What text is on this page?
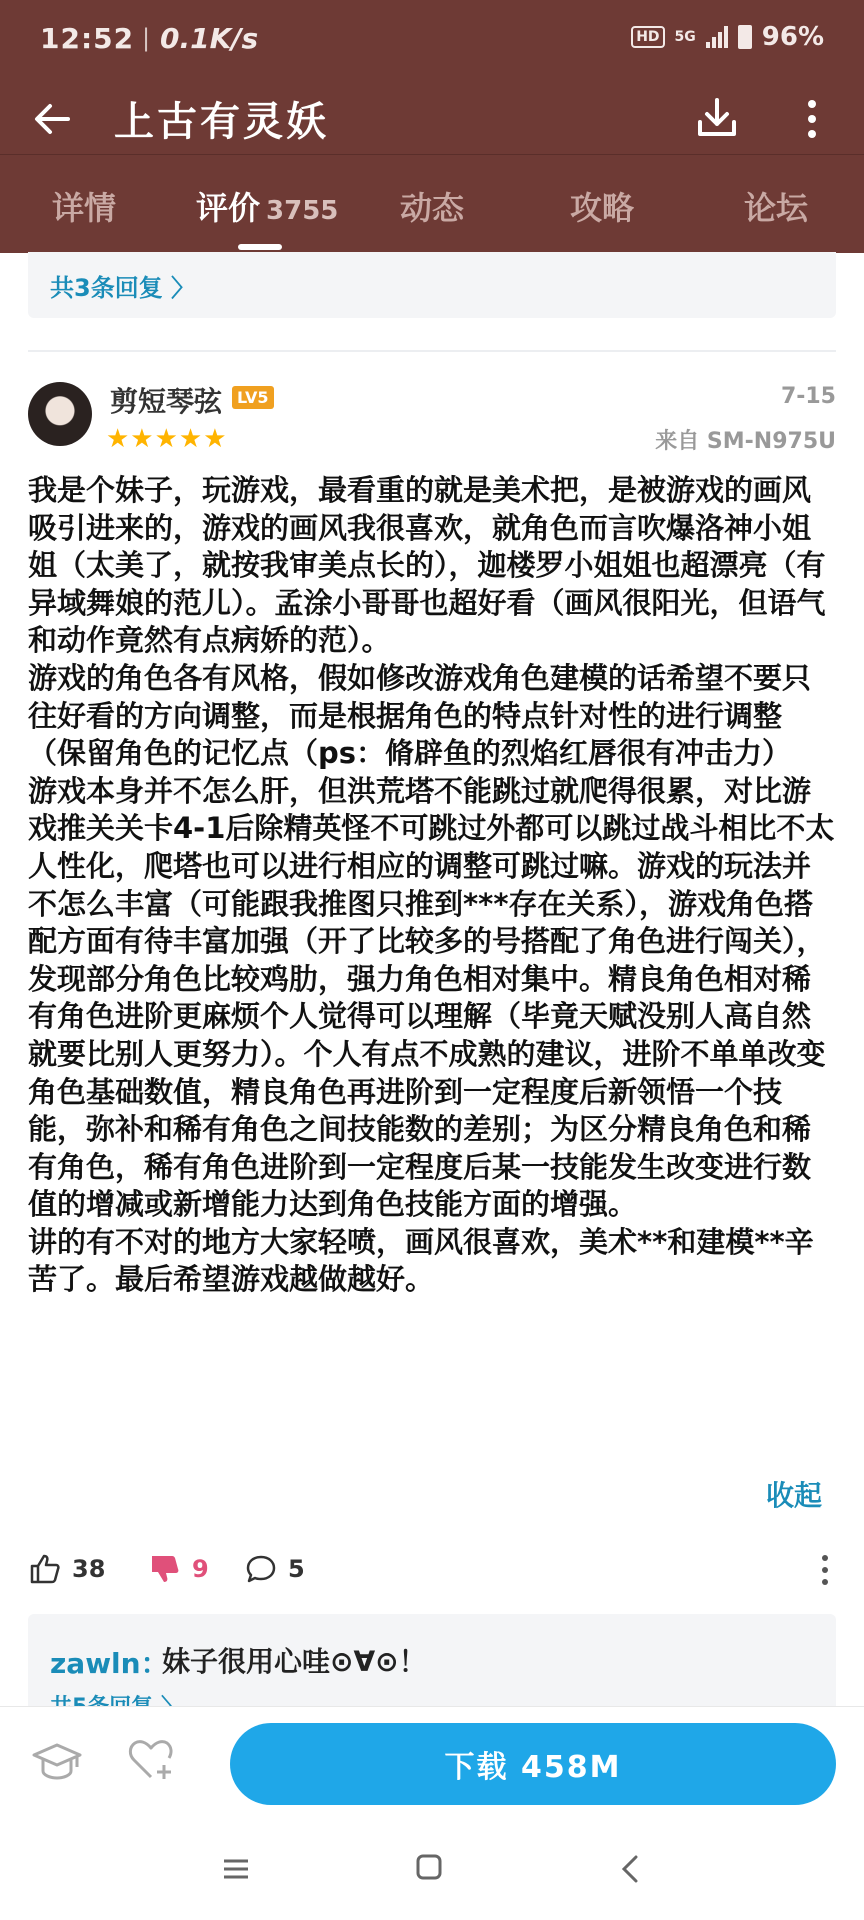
12:52 | 0.1K/s	HD	5G	96%
上古有灵妖
详情 评价 3755 动态	攻略	论坛
共3条回复 〉
剪短琴弦 LV5
★★★★★
7-15
来自 SM-N975U
我是个妹子，玩游戏，最看重的就是美术把，是被游戏的画风吸引进来的，游戏的画风我很喜欢，就角色而言吹爆洛神小姐姐（太美了，就按我审美点长的），迦楼罗小姐姐也超漂亮（有异域舞娘的范儿）。孟涂小哥哥也超好看（画风很阳光，但语气和动作竟然有点病娇的范）。
游戏的角色各有风格，假如修改游戏角色建模的话希望不要只往好看的方向调整，而是根据角色的特点针对性的进行调整（保留角色的记忆点（ps：脩辟鱼的烈焰红唇很有冲击力）
游戏本身并不怎么肝，但洪荒塔不能跳过就爬得很累，对比游戏推关关卡4-1后除精英怪不可跳过外都可以跳过战斗相比不太人性化，爬塔也可以进行相应的调整可跳过嘛。游戏的玩法并不怎么丰富（可能跟我推图只推到***存在关系），游戏角色搭配方面有待丰富加强（开了比较多的号搭配了角色进行闯关），发现部分角色比较鸡肋，强力角色相对集中。精良角色相对稀有角色进阶更麻烦个人觉得可以理解（毕竟天赋没别人高自然就要比别人更努力）。个人有点不成熟的建议，进阶不单单改变角色基础数值，精良角色再进阶到一定程度后新领悟一个技能，弥补和稀有角色之间技能数的差别；为区分精良角色和稀有角色，稀有角色进阶到一定程度后某一技能发生改变进行数值的增减或新增能力达到角色技能方面的增强。
讲的有不对的地方大家轻喷，画风很喜欢，美术**和建模**辛苦了。最后希望游戏越做越好。
收起
38	9	5
zawln：
妹子很用心哇⊙∀⊙！
下载 458M
